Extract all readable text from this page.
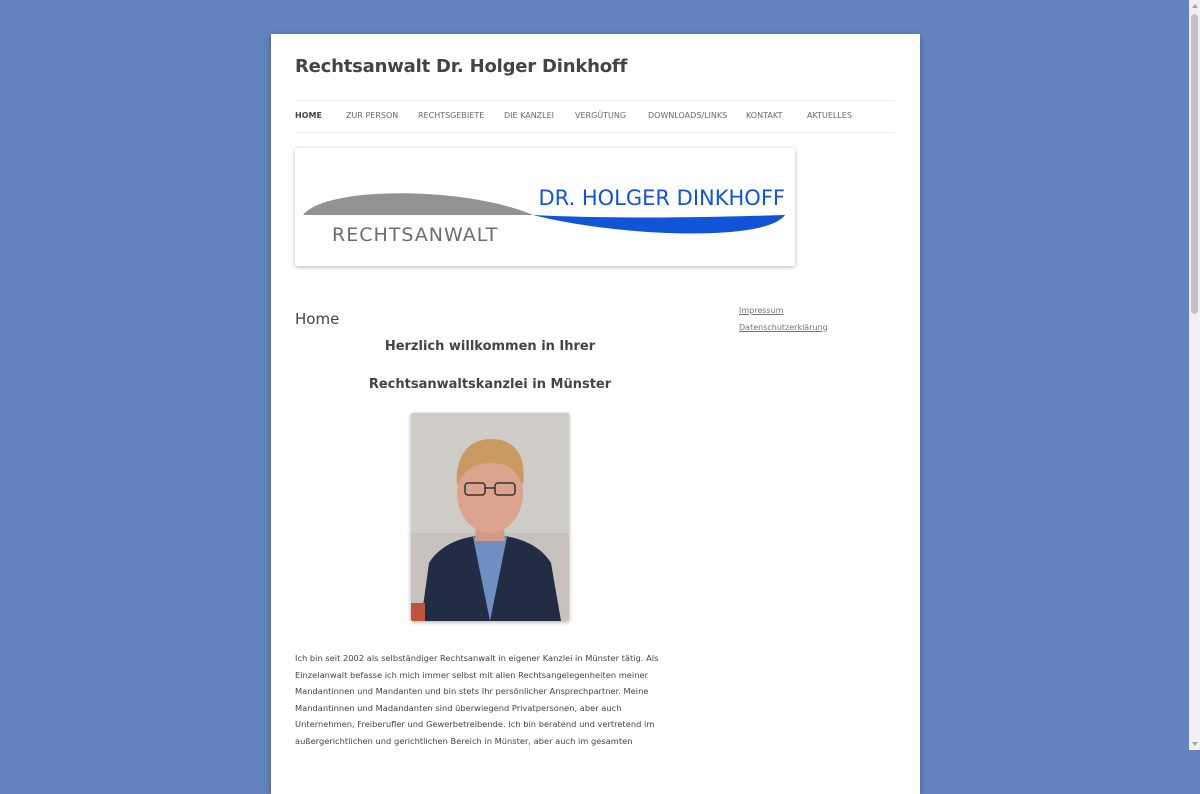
Rechtsanwalt Dr. Holger Dinkhoff
HOME	ZUR PERSON RECHTSGEBIETE DIE KANZLEI	VERGÜTUNG	DOWNLOADS/LINKS KONTAKT	AKTUELLES
DR. HOLGER DINKHOFF
RECHTSANWALT
Home
Herzlich willkommen in Ihrer
Rechtsanwaltskanzlei in Münster
Ich bin seit 2002 als selbständiger Rechtsanwalt in eigener Kanzlei in Münster tätig. Als
Einzelanwalt befasse ich mich immer selbst mit allen Rechtsangelegenheiten meiner
Mandantinnen und Mandanten und bin stets Ihr persönlicher Ansprechpartner. Meine
Mandantinnen und Madandanten sind überwiegend Privatpersonen, aber auch
Unternehmen, Freiberufler und Gewerbetreibende. Ich bin beratend und vertretend im
außergerichtlichen und gerichtlichen Bereich in Münster, aber auch im gesamten
Impressum
Datenschutzerklärung
